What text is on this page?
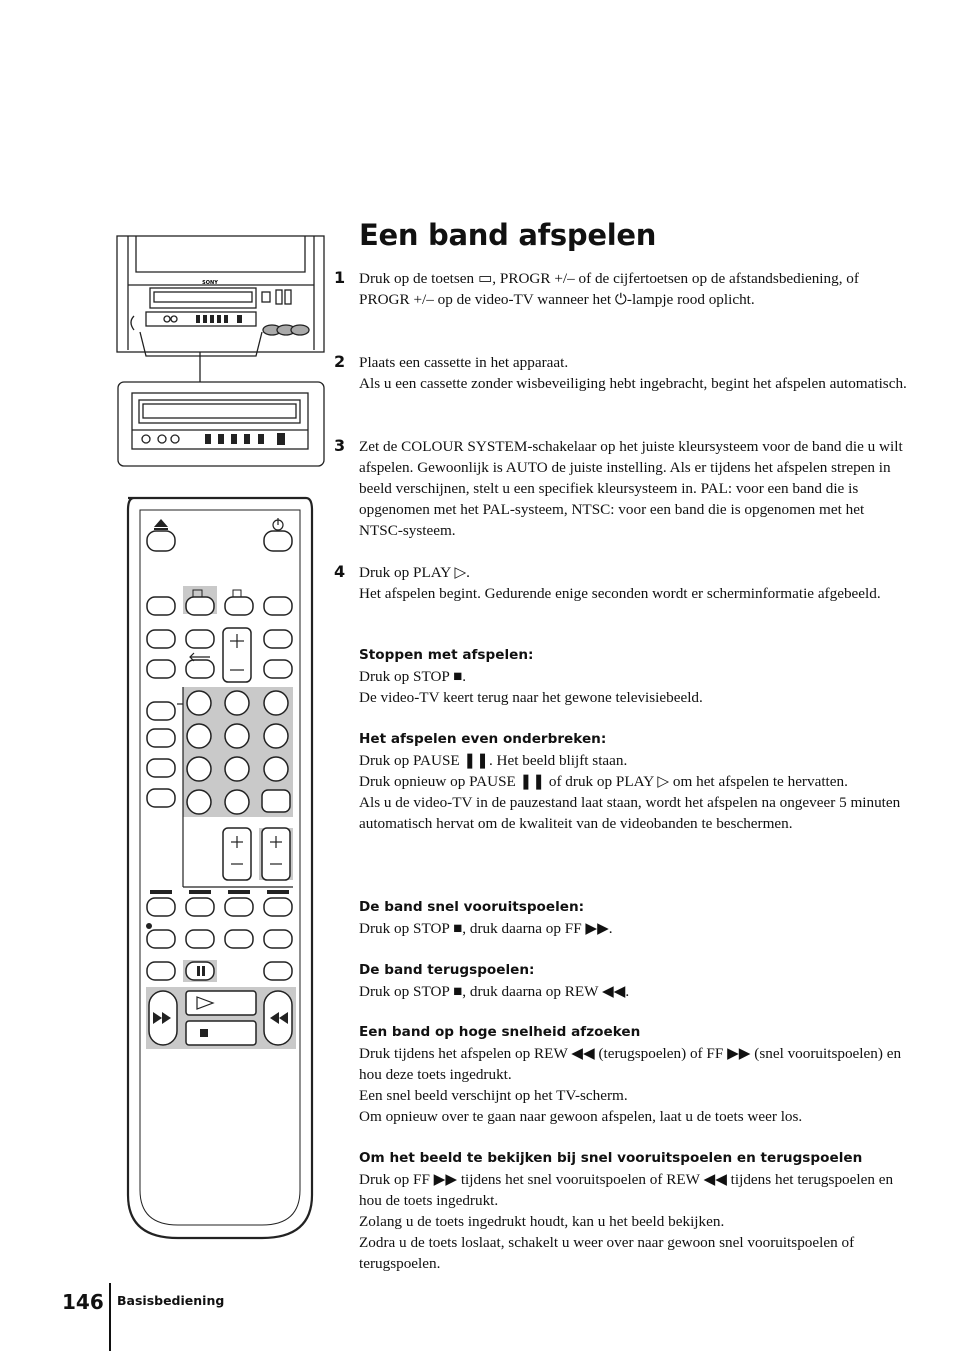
SONY
Een band afspelen
1 Druk op de toetsen ▭, PROGR +/– of de cijfertoetsen op de afstandsbediening, of PROGR +/– op de video-TV wanneer het ⏻-lampje rood oplicht.

2 Plaats een cassette in het apparaat.

Als u een cassette zonder wisbeveiliging hebt ingebracht, begint het afspelen automatisch.

3 Zet de COLOUR SYSTEM-schakelaar op het juiste kleursysteem voor de band die u wilt afspelen. Gewoonlijk is AUTO de juiste instelling. Als er tijdens het afspelen strepen in beeld verschijnen, stelt u een specifiek kleursysteem in. PAL: voor een band die is opgenomen met het PAL-systeem, NTSC: voor een band die is opgenomen met het NTSC-systeem.

4 Druk op PLAY ▷.

Het afspelen begint. Gedurende enige seconden wordt er scherminformatie afgebeeld.

Stoppen met afspelen:

Druk op STOP ■.

De video-TV keert terug naar het gewone televisiebeeld.

Het afspelen even onderbreken:

Druk op PAUSE ❚❚. Het beeld blijft staan.

Druk opnieuw op PAUSE ❚❚ of druk op PLAY ▷ om het afspelen te hervatten.

Als u de video-TV in de pauzestand laat staan, wordt het afspelen na ongeveer 5 minuten automatisch hervat om de kwaliteit van de videobanden te beschermen.

De band snel vooruitspoelen:

Druk op STOP ■, druk daarna op FF ▶▶.

De band terugspoelen:

Druk op STOP ■, druk daarna op REW ◀◀.

Een band op hoge snelheid afzoeken

Druk tijdens het afspelen op REW ◀◀ (terugspoelen) of FF ▶▶ (snel vooruitspoelen) en hou deze toets ingedrukt.

Een snel beeld verschijnt op het TV-scherm.

Om opnieuw over te gaan naar gewoon afspelen, laat u de toets weer los.

Om het beeld te bekijken bij snel vooruitspoelen en terugspoelen

Druk op FF ▶▶ tijdens het snel vooruitspoelen of REW ◀◀ tijdens het terugspoelen en hou de toets ingedrukt.

Zolang u de toets ingedrukt houdt, kan u het beeld bekijken.

Zodra u de toets loslaat, schakelt u weer over naar gewoon snel vooruitspoelen of terugspoelen.

146 Basisbediening
